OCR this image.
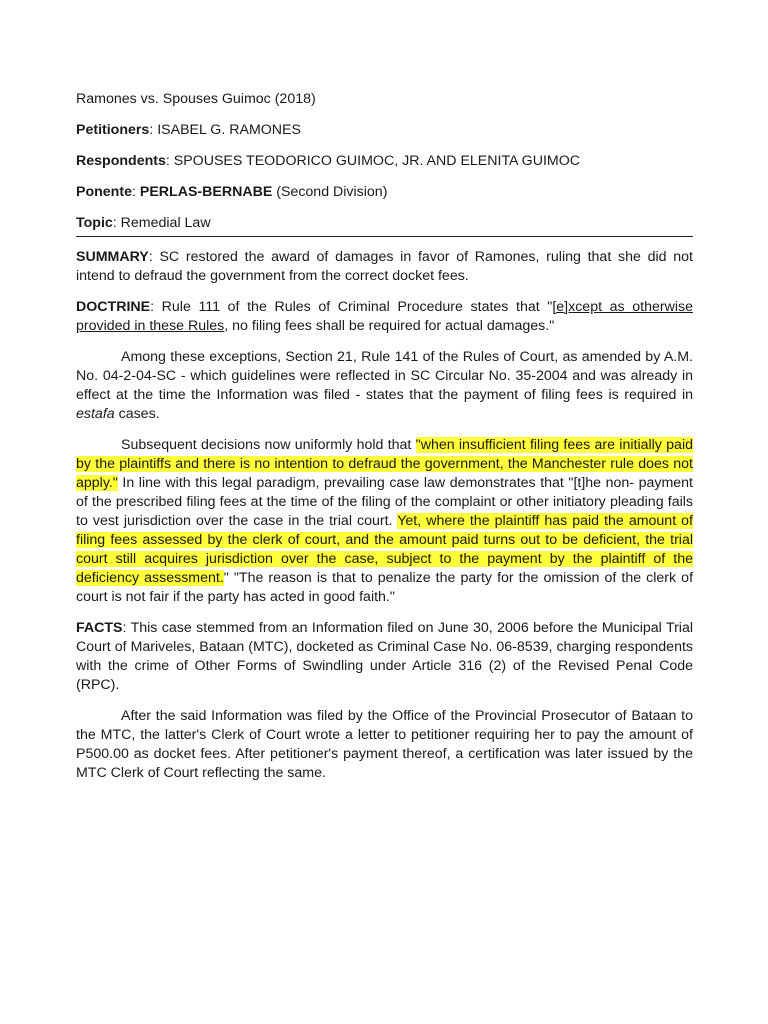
Ramones vs. Spouses Guimoc (2018)

Petitioners: ISABEL G. RAMONES

Respondents: SPOUSES TEODORICO GUIMOC, JR. AND ELENITA GUIMOC

Ponente: PERLAS-BERNABE (Second Division)

Topic: Remedial Law

SUMMARY: SC restored the award of damages in favor of Ramones, ruling that she did not intend to defraud the government from the correct docket fees.

DOCTRINE: Rule 111 of the Rules of Criminal Procedure states that "[e]xcept as otherwise provided in these Rules, no filing fees shall be required for actual damages."

Among these exceptions, Section 21, Rule 141 of the Rules of Court, as amended by A.M. No. 04-2-04-SC - which guidelines were reflected in SC Circular No. 35-2004 and was already in effect at the time the Information was filed - states that the payment of filing fees is required in estafa cases.

Subsequent decisions now uniformly hold that "when insufficient filing fees are initially paid by the plaintiffs and there is no intention to defraud the government, the Manchester rule does not apply." In line with this legal paradigm, prevailing case law demonstrates that "[t]he non- payment of the prescribed filing fees at the time of the filing of the complaint or other initiatory pleading fails to vest jurisdiction over the case in the trial court. Yet, where the plaintiff has paid the amount of filing fees assessed by the clerk of court, and the amount paid turns out to be deficient, the trial court still acquires jurisdiction over the case, subject to the payment by the plaintiff of the deficiency assessment." "The reason is that to penalize the party for the omission of the clerk of court is not fair if the party has acted in good faith."

FACTS: This case stemmed from an Information filed on June 30, 2006 before the Municipal Trial Court of Mariveles, Bataan (MTC), docketed as Criminal Case No. 06-8539, charging respondents with the crime of Other Forms of Swindling under Article 316 (2) of the Revised Penal Code (RPC).

After the said Information was filed by the Office of the Provincial Prosecutor of Bataan to the MTC, the latter's Clerk of Court wrote a letter to petitioner requiring her to pay the amount of P500.00 as docket fees. After petitioner's payment thereof, a certification was later issued by the MTC Clerk of Court reflecting the same.
